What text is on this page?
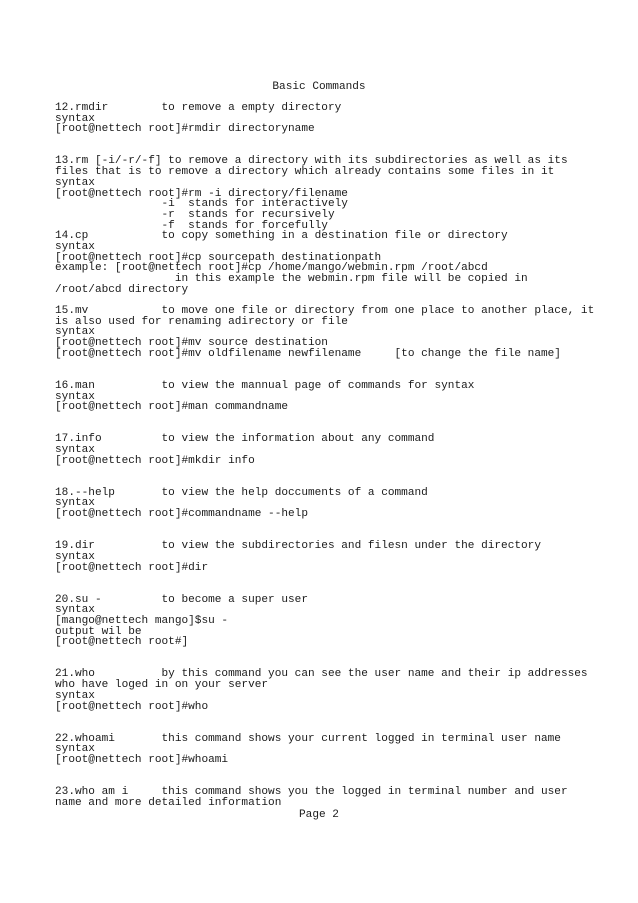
Basic Commands
12.rmdir        to remove a empty directory
syntax
[root@nettech root]#rmdir directoryname
13.rm [-i/-r/-f] to remove a directory with its subdirectories as well as its
files that is to remove a directory which already contains some files in it
syntax
[root@nettech root]#rm -i directory/filename
-i  stands for interactively
-r  stands for recursively
-f  stands for forcefully
14.cp           to copy something in a destination file or directory
syntax
[root@nettech root]#cp sourcepath destinationpath
example: [root@nettech root]#cp /home/mango/webmin.rpm /root/abcd
in this example the webmin.rpm file will be copied in
/root/abcd directory
15.mv           to move one file or directory from one place to another place, it
is also used for renaming adirectory or file
syntax
[root@nettech root]#mv source destination
[root@nettech root]#mv oldfilename newfilename     [to change the file name]
16.man          to view the mannual page of commands for syntax
syntax
[root@nettech root]#man commandname
17.info         to view the information about any command
syntax
[root@nettech root]#mkdir info
18.--help       to view the help doccuments of a command
syntax
[root@nettech root]#commandname --help
19.dir          to view the subdirectories and filesn under the directory
syntax
[root@nettech root]#dir
20.su -         to become a super user
syntax
[mango@nettech mango]$su -
output wil be
[root@nettech root#]
21.who          by this command you can see the user name and their ip addresses
who have loged in on your server
syntax
[root@nettech root]#who
22.whoami       this command shows your current logged in terminal user name
syntax
[root@nettech root]#whoami
23.who am i     this command shows you the logged in terminal number and user
name and more detailed information
Page 2
